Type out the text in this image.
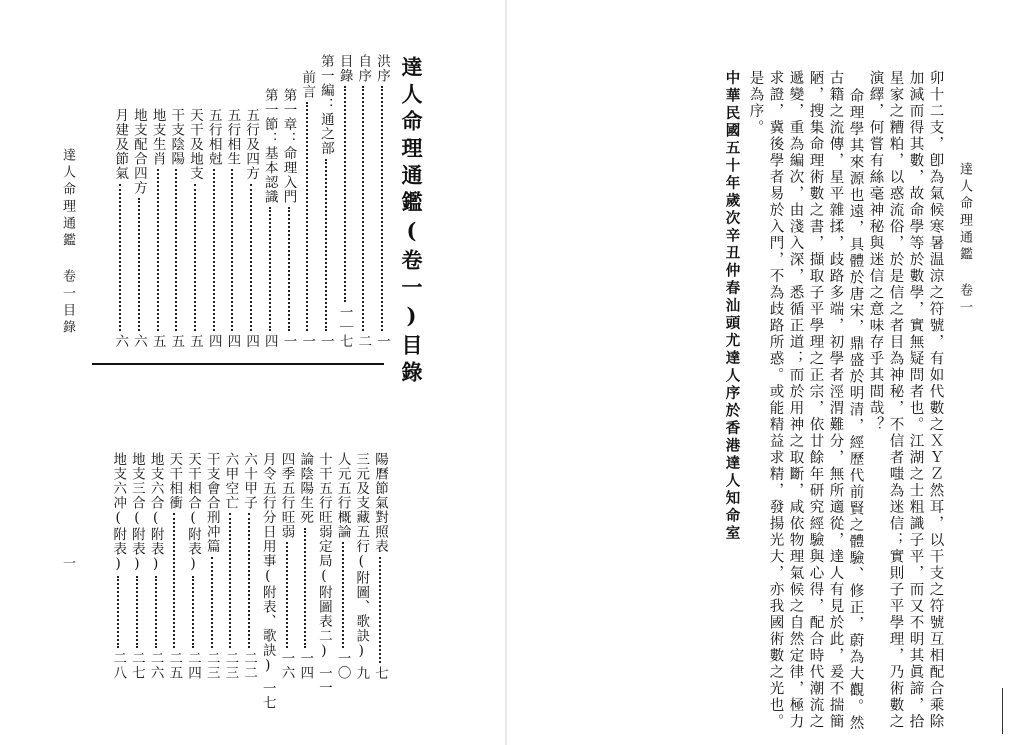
達人命理通鑑(卷一)目錄
洪序
一
自序
二
目錄
一｜七
第一編：通之部
一
前言
一
第一章：命理入門
一
第一節：基本認識
四
五行及四方
四
五行相生
四
五行相尅
四
天干及地支
五
干支陰陽
五
地支生肖
五
地支配合四方
六
月建及節氣
六
陽曆節氣對照表
七
三元及支藏五行(附圖、歌訣)
九
人元五行概論
一〇
十干五行旺弱定局(附圖表二)
一一
論陰陽生死
一四
四季五行旺弱
一六
月令五行分日用事(附表、歌訣)
一七
六十甲子
二二
六甲空亡
二三
干支會合刑冲篇
二三
天干相合(附表)
二四
天干相衝
二五
地支六合(附表)
二六
地支三合(附表)
二七
地支六冲(附表)
二八
達人命理通鑑 卷一目錄
一
達人命理通鑑 卷一
卯十二支，卽為氣候寒暑温涼之符號，有如代數之ＸＹＺ然耳，以干支之符號互相配合乘除
加減而得其數，故命學等於數學，實無疑問者也。江湖之士粗識子平，而又不明其眞諦，拾
星家之糟粕，以惑流俗，於是信之者目為神秘，不信者嗤為迷信；實則子平學理，乃術數之
演繹，何嘗有絲毫神秘與迷信之意味存乎其間哉？
命理學其來源也遠，具體於唐宋，鼎盛於明清，經歷代前賢之體驗、修正，蔚為大觀。然
古籍之流傳，星平雜揉，歧路多端，初學者涇渭難分，無所適從，達人有見於此，爰不揣簡
陋，搜集命理術數之書，擷取子平學理之正宗，依廿餘年研究經驗與心得，配合時代潮流之
遞變，重為編次，由淺入深，悉循正道；而於用神之取斷，咸依物理氣候之自然定律，極力
求證，冀後學者易於入門，不為歧路所惑。或能精益求精，發揚光大，亦我國術數之光也。
是為序。
中華民國五十年歲次辛丑仲春汕頭尤達人序於香港達人知命室
